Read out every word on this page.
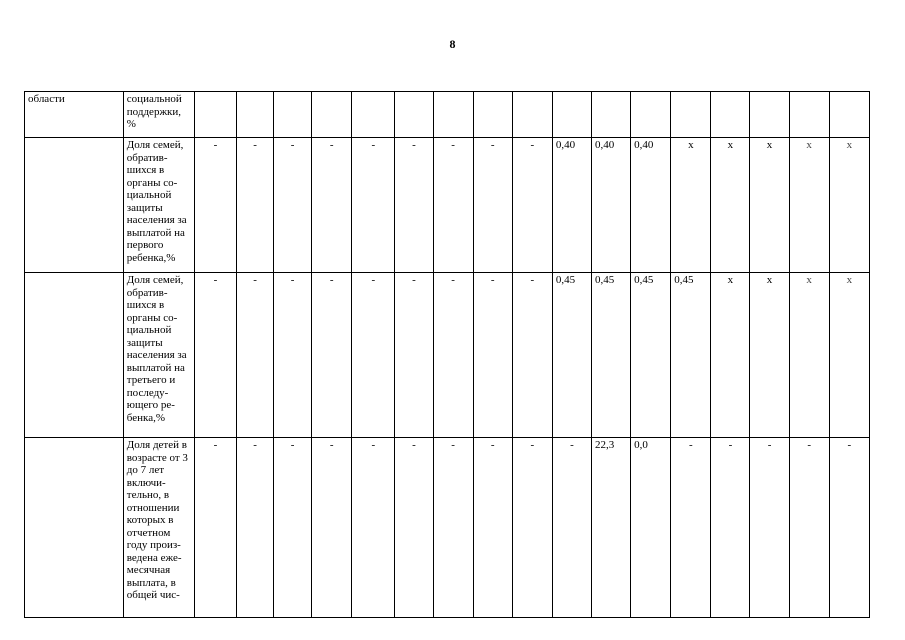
8
области	социальной поддержки, %																	
	Доля семей, обратив-шихся в органы со-циальной защиты населения за выплатой на первого ребенка,%	-	-	-	-	-	-	-	-	-	0,40	0,40	0,40	x	x	x	x	x
	Доля семей, обратив-шихся в органы со-циальной защиты населения за выплатой на третьего и последу-ющего ре-бенка,%	-	-	-	-	-	-	-	-	-	0,45	0,45	0,45	0,45	x	x	x	x
	Доля детей в возрасте от 3 до 7 лет включи-тельно, в отношении которых в отчетном году произ-ведена еже-месячная выплата, в общей чис-	-	-	-	-	-	-	-	-	-	-	22,3	0,0	-	-	-	-	-
